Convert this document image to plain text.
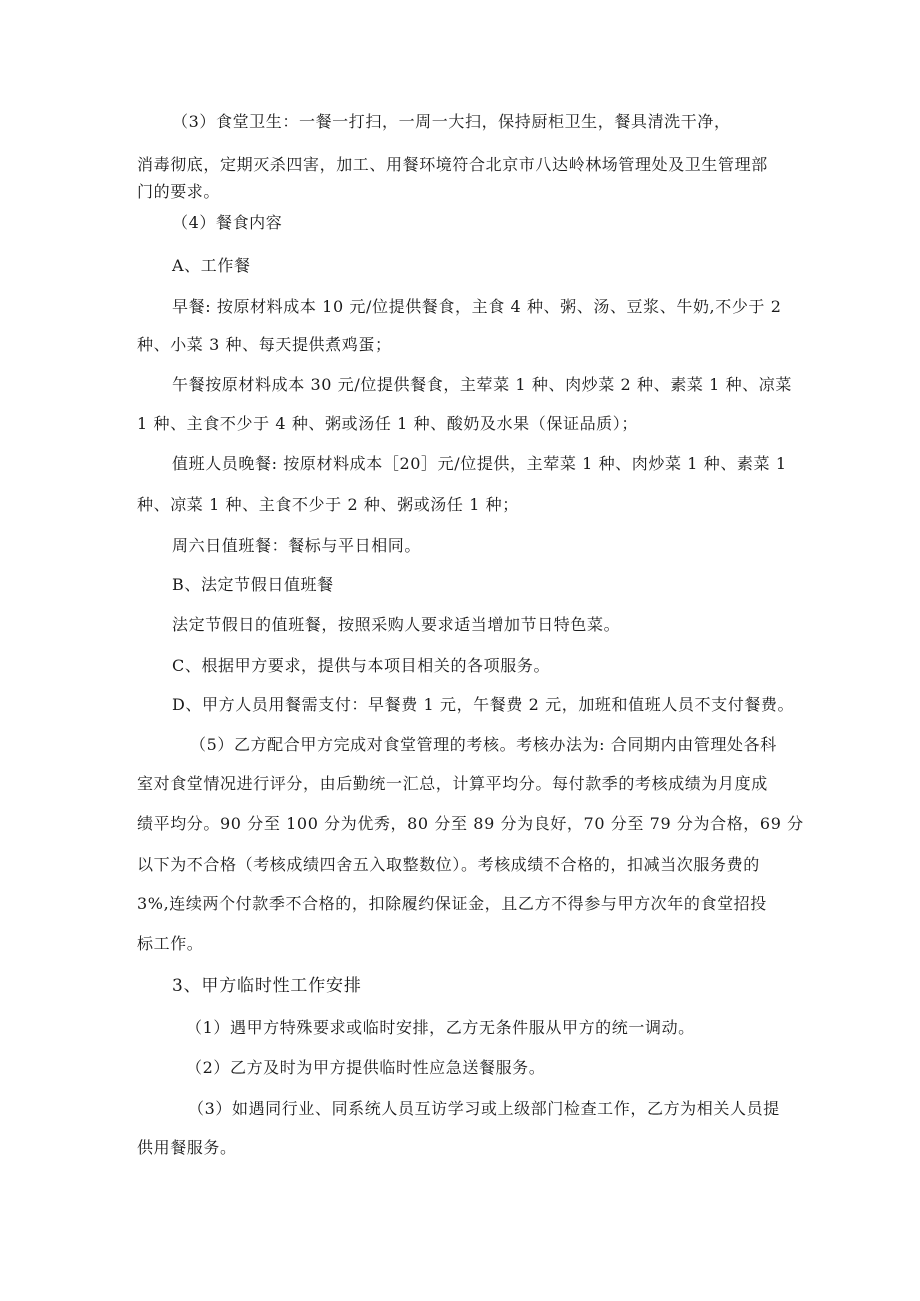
（3）食堂卫生：一餐一打扫，一周一大扫，保持厨柜卫生，餐具清洗干净，
消毒彻底，定期灭杀四害，加工、用餐环境符合北京市八达岭林场管理处及卫生管理部
门的要求。
（4）餐食内容
A、工作餐
早餐: 按原材料成本 10 元/位提供餐食，主食 4 种、粥、汤、豆浆、牛奶,不少于 2
种、小菜 3 种、每天提供煮鸡蛋；
午餐按原材料成本 30 元/位提供餐食，主荤菜 1 种、肉炒菜 2 种、素菜 1 种、凉菜
1 种、主食不少于 4 种、粥或汤任 1 种、酸奶及水果（保证品质）；
值班人员晚餐: 按原材料成本［20］元/位提供，主荤菜 1 种、肉炒菜 1 种、素菜 1
种、凉菜 1 种、主食不少于 2 种、粥或汤任 1 种；
周六日值班餐：餐标与平日相同。
B、法定节假日值班餐
法定节假日的值班餐，按照采购人要求适当增加节日特色菜。
C、根据甲方要求，提供与本项目相关的各项服务。
D、甲方人员用餐需支付：早餐费 1 元，午餐费 2 元，加班和值班人员不支付餐费。
（5）乙方配合甲方完成对食堂管理的考核。考核办法为: 合同期内由管理处各科
室对食堂情况进行评分，由后勤统一汇总，计算平均分。每付款季的考核成绩为月度成
绩平均分。90 分至 100 分为优秀，80 分至 89 分为良好，70 分至 79 分为合格，69 分
以下为不合格（考核成绩四舍五入取整数位）。考核成绩不合格的，扣减当次服务费的
3%,连续两个付款季不合格的，扣除履约保证金，且乙方不得参与甲方次年的食堂招投
标工作。
3、甲方临时性工作安排
（1）遇甲方特殊要求或临时安排，乙方无条件服从甲方的统一调动。
（2）乙方及时为甲方提供临时性应急送餐服务。
（3）如遇同行业、同系统人员互访学习或上级部门检查工作，乙方为相关人员提
供用餐服务。
